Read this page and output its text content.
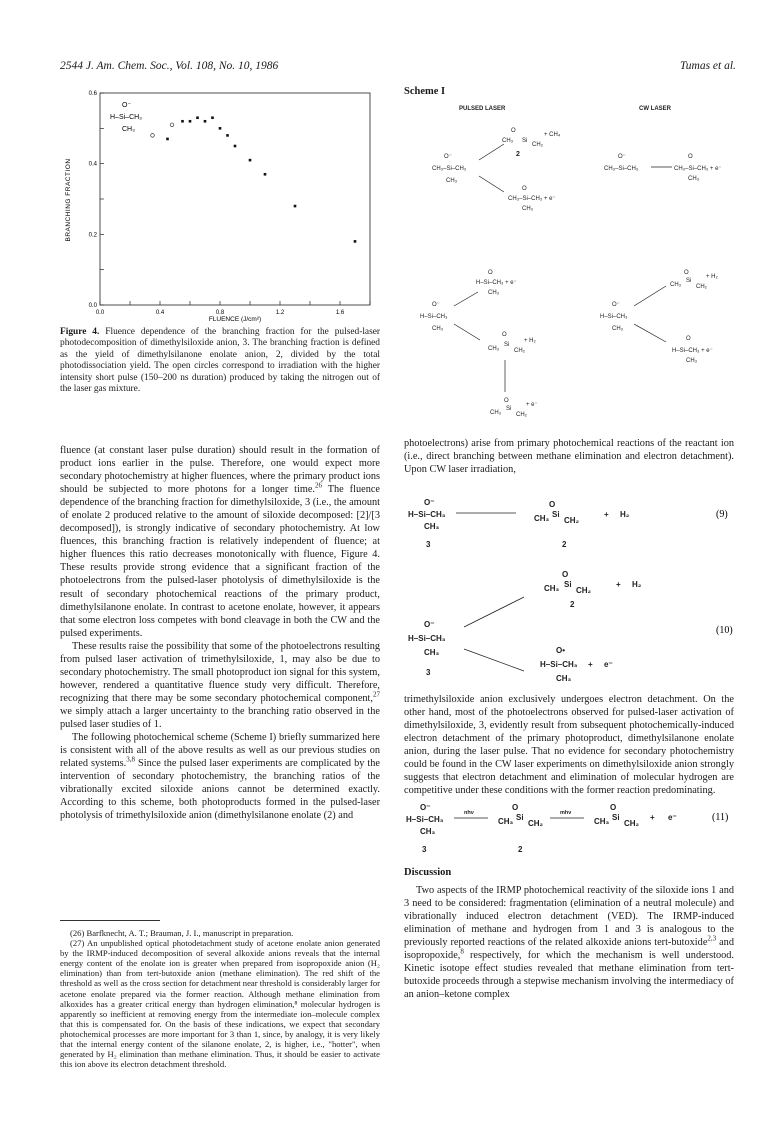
2544 J. Am. Chem. Soc., Vol. 108, No. 10, 1986	Tumas et al.
0.0	0.4	0.8	1.2	1.6
0.0
0.2
0.4
0.6
BRANCHING FRACTION
FLUENCE (J/cm²)
O⁻
H–Si–CH₃
CH₃
Figure 4. Fluence dependence of the branching fraction for the pulsed-laser photodecomposition of dimethylsiloxide anion, 3. The branching fraction is defined as the yield of dimethylsilanone enolate anion, 2, divided by the total photodissociation yield. The open circles correspond to irradiation with the higher intensity short pulse (150–200 ns duration) produced by taking the nitrogen out of the laser gas mixture.

fluence (at constant laser pulse duration) should result in the formation of product ions earlier in the pulse. Therefore, one would expect more secondary photochemistry at higher fluences, where the primary product ions should be subjected to more photons for a longer time.$^{26}$ The fluence dependence of the branching fraction for dimethylsiloxide, 3 (i.e., the amount of enolate 2 produced relative to the amount of siloxide decomposed: [2]/[3 decomposed]), is strongly indicative of secondary photochemistry. At low fluences, this branching fraction is relatively independent of fluence; at higher fluences this ratio decreases monotonically with fluence, Figure 4. These results provide strong evidence that a significant fraction of the photoelectrons from the pulsed-laser photolysis of dimethylsiloxide is the result of secondary photochemical reactions of the primary product, dimethylsilanone enolate. In contrast to acetone enolate, however, it appears that some electron loss competes with bond cleavage in both the CW and the pulsed experiments.

These results raise the possibility that some of the photoelectrons resulting from pulsed laser activation of trimethylsiloxide, 1, may also be due to secondary photochemistry. The small photoproduct ion signal for this system, however, rendered a quantitative fluence study very difficult. Therefore, recognizing that there may be some secondary photochemical component,$^{27}$ we simply attach a larger uncertainty to the branching ratio observed in the pulsed laser studies of 1.

The following photochemical scheme (Scheme I) briefly summarized here is consistent with all of the above results as well as our previous studies on related systems.$^{3,8}$ Since the pulsed laser experiments are complicated by the intervention of secondary photochemistry, the branching ratios of the vibrationally excited siloxide anions cannot be determined exactly. According to this scheme, both photoproducts formed in the pulsed-laser photolysis of trimethylsiloxide anion (dimethylsilanone enolate (2) and

(26) Barfknecht, A. T.; Brauman, J. I., manuscript in preparation.

(27) An unpublished optical photodetachment study of acetone enolate anion generated by the IRMP-induced decomposition of several alkoxide anions reveals that the internal energy content of the enolate ion is greater when prepared from isopropoxide anion (H₂ elimination) than from tert-butoxide anion (methane elimination). The red shift of the threshold as well as the cross section for detachment near threshold is considerably larger for acetone enolate prepared via the former reaction. Although methane elimination from alkoxides has a greater critical energy than hydrogen elimination,⁸ molecular hydrogen is apparently so inefficient at removing energy from the intermediate ion–molecule complex that this is compensated for. On the basis of these indications, we expect that secondary photochemical processes are more important for 3 than 1, since, by analogy, it is very likely that the internal energy content of the silanone enolate, 2, is higher, i.e., "hotter", when generated by H₂ elimination than methane elimination. Thus, it should be easier to activate this ion above its electron detachment threshold.

Scheme I
PULSED LASER	CW LASER
O⁻
CH₃–Si–CH₃
CH₃
O
CH₃ Si
CH₂
+ CH₄
2
O
CH₃–Si–CH₃ + e⁻
CH₃
O⁻
CH₃–Si–CH₃
O
CH₃–Si–CH₃ + e⁻
CH₃
O
H–Si–CH₃ + e⁻
CH₃
O⁻
H–Si–CH₃
CH₃
O
CH₃
Si
CH₂
+ H₂
O
CH₃
Si
CH₂
+ e⁻
O
CH₃
Si
CH₂
+ H₂
O⁻
H–Si–CH₃
CH₃
O
H–Si–CH₃ + e⁻
CH₃

photoelectrons) arise from primary photochemical reactions of the reactant ion (i.e., direct branching between methane elimination and electron detachment). Upon CW laser irradiation,

O⁻
H–Si–CH₃
CH₃
O
CH₃ Si
CH₂
+ H₂
3	2
(9)
O
CH₃ Si
CH₂
+ H₂
2
O⁻
H–Si–CH₃
CH₃
3
O•
H–Si–CH₃ + e⁻
CH₃
(10)

trimethylsiloxide anion exclusively undergoes electron detachment. On the other hand, most of the photoelectrons observed for pulsed-laser activation of dimethylsiloxide, 3, evidently result from subsequent photochemically-induced electron detachment of the primary photoproduct, dimethylsilanone enolate anion, during the laser pulse. That no evidence for secondary photochemistry could be found in the CW laser experiments on dimethylsiloxide anion strongly suggests that electron detachment and elimination of molecular hydrogen are competitive under these conditions with the former reaction predominating.

O⁻
H–Si–CH₃
CH₃
nhν
O
CH₃ Si
CH₂
mhν
O
CH₃ Si
CH₂
+ e⁻
3	2
(11)
Discussion

Two aspects of the IRMP photochemical reactivity of the siloxide ions 1 and 3 need to be considered: fragmentation (elimination of a neutral molecule) and vibrationally induced electron detachment (VED). The IRMP-induced elimination of methane and hydrogen from 1 and 3 is analogous to the previously reported reactions of the related alkoxide anions tert-butoxide$^{2,3}$ and isopropoxide,$^8$ respectively, for which the mechanism is well understood. Kinetic isotope effect studies revealed that methane elimination from tert-butoxide proceeds through a stepwise mechanism involving the intermediacy of an anion–ketone complex
